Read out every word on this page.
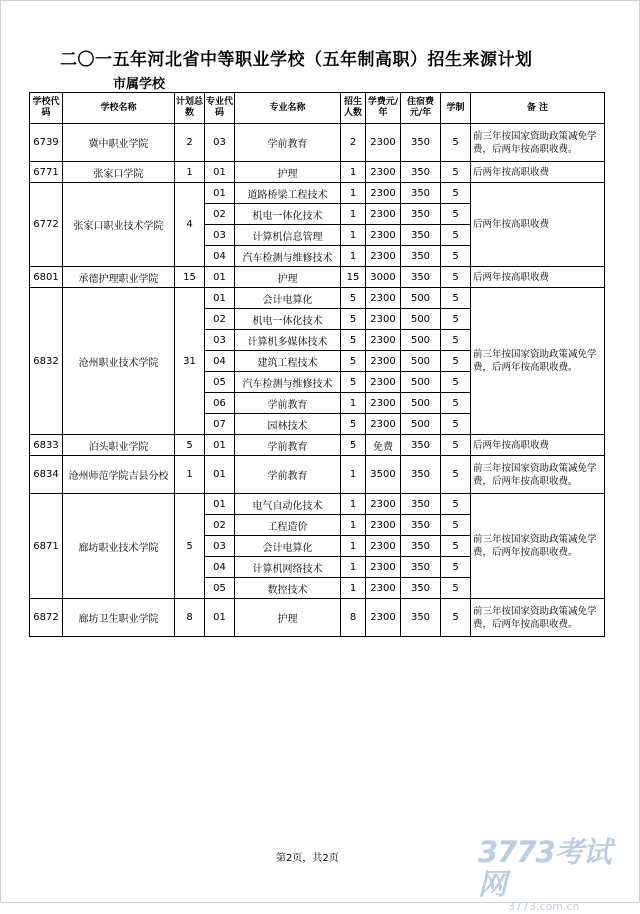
二〇一五年河北省中等职业学校（五年制高职）招生来源计划
市属学校
学校代码	学校名称	计划总数	专业代码	专业名称	招生人数	学费元/年	住宿费元/年	学制	备 注
6739	冀中职业学院	2	03	学前教育	2	2300	350	5	前三年按国家资助政策减免学费，后两年按高职收费。
6771	张家口学院	1	01	护理	1	2300	350	5	后两年按高职收费
6772	张家口职业技术学院	4	01	道路桥梁工程技术	1	2300	350	5	后两年按高职收费
			02	机电一体化技术	1	2300	350	5	
			03	计算机信息管理	1	2300	350	5	
			04	汽车检测与维修技术	1	2300	350	5	
6801	承德护理职业学院	15	01	护理	15	3000	350	5	后两年按高职收费
6832	沧州职业技术学院	31	01	会计电算化	5	2300	500	5	前三年按国家资助政策减免学费，后两年按高职收费。
			02	机电一体化技术	5	2300	500	5	
			03	计算机多媒体技术	5	2300	500	5	
			04	建筑工程技术	5	2300	500	5	
			05	汽车检测与维修技术	5	2300	500	5	
			06	学前教育	1	2300	500	5	
			07	园林技术	5	2300	500	5	
6833	泊头职业学院	5	01	学前教育	5	免费	350	5	后两年按高职收费
6834	沧州师范学院吉县分校	1	01	学前教育	1	3500	350	5	前三年按国家资助政策减免学费，后两年按高职收费。
6871	廊坊职业技术学院	5	01	电气自动化技术	1	2300	350	5	前三年按国家资助政策减免学费，后两年按高职收费。
			02	工程造价	1	2300	350	5	
			03	会计电算化	1	2300	350	5	
			04	计算机网络技术	1	2300	350	5	
			05	数控技术	1	2300	350	5	
6872	廊坊卫生职业学院	8	01	护理	8	2300	350	5	前三年按国家资助政策减免学费，后两年按高职收费。
第2页，共2页	3773考试网
3773.com.cn
